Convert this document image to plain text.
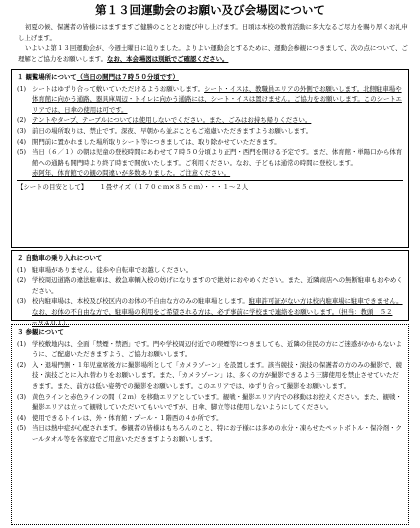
第１３回運動会のお願い及び会場図について

初夏の候、保護者の皆様にはますますご健勝のこととお慶び申し上げます。日頃は本校の教育活動に多大なるご尽力を賜り厚くお礼申し上げます。

いよいよ第１３回運動会が、今週土曜日に迫りました。よりよい運動会とするために、運動会参観につきまして、次の点について、ご理解とご協力をお願いします。なお、本会場図は別紙でご確認ください。

１ 観覧場所について（当日の開門は７時５０分頃です）
(1) シートはゆずり合って敷いていただけるようお願いします。シート・イスは、教職員エリアの外側でお願いします。北側駐車場や体育館に向かう通路、器具庫周辺・トイレに向かう通路には、シート・イスは置けません。ご協力をお願いします。このシートエリアでは、日傘の使用は可です。
(2) テントやタープ、テーブルについては使用しないでください。また、ごみはお持ち帰りください。
(3) 前日の場所取りは、禁止です。深夜、早朝から並ぶこともご遠慮いただきますようお願いします。
(4) 開門前に置かれました場所取りシート等につきましては、取り除かせていただきます。
(5) 当日（６／１）の朝は児童の登校時間にあわせて７時５０分頃より正門・西門を開ける予定です。まだ、体育館・単陽口から体育館への通路も開門時より終了時まで開放いたします。ご利用ください。なお、子どもは通常の時間に登校します。
赤阿年、体育館での観の問違いが多数ありました。ご注意ください。
【シートの目安として】 １畳サイズ（１７０ｃｍ×８５ｃｍ）・・・１〜２人
２ 自動車の乗り入れについて
(1) 駐車場がありません。徒歩や自転車でお越しください。
(2) 学校周辺道路の違法駐車は、救急車輌入校の妨げになりますので絶対におやめください。また、近隣商店への無断駐車もおやめください。
(3) 校内駐車場は、本校及び校区内のお体の不自由な方のみの駐車場とします。駐車許可証がない方は校内駐車場に駐車できません。なお、お体の不自由な方で、駐車場の利用をご希望される方は、必ず事前に学校まで連絡をお願いします。（担当：教頭　５２−９４０１）
３ 参観について
(1) 学校敷地内は、全面「禁煙・禁酒」です。門や学校周辺付近での喫煙等につきましても、近隣の住民の方にご迷惑がかからないように、ご配慮いただきますよう、ご協力お願いします。
(2) 入・退場門側・１年児童席後方に撮影場所として「カメラゾーン」を設置します。該当競技・演技の保護者の方のみの撮影で、競技・演技ごとに入れ替わりをお願いします。また、「カメラゾーン」は、多くの方が撮影できるよう三脚使用を禁止させていただきます。また、前方は低い姿勢での撮影をお願いします。このエリアでは、ゆずり合って撮影をお願いします。
(3) 黄色ラインと赤色ラインの間（２ｍ）を移動エリアとしています。観戦・撮影エリア内での移動はお控えください。また、観戦・撮影エリアは立って観戦していただいてもいいですが、日傘、脚立等は使用しないようにしてください。
(4) 使用できるトイレは、外・体育館・プール・１階西の４か所です。
(5) 当日は熱中症が心配されます。参観者の皆様はもちろんのこと、特にお子様には多めの水分・凍らせたペットボトル・保冷剤・クールタオル等を各家庭でご用意いただきますようお願いします。
